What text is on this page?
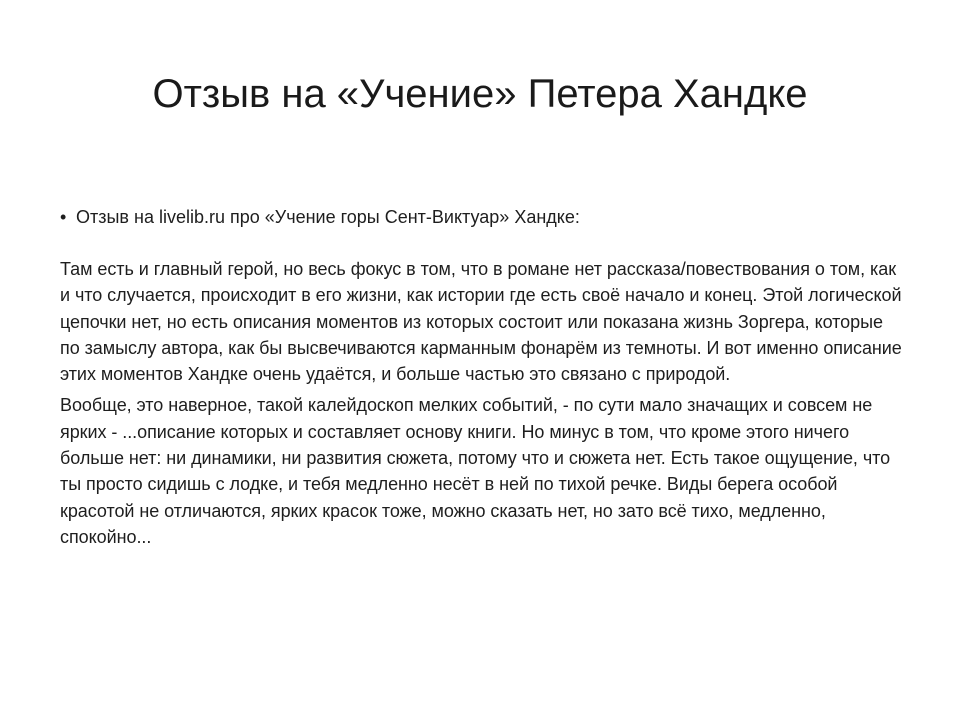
Отзыв на «Учение» Петера Хандке
• Отзыв на livelib.ru про «Учение горы Сент-Виктуар» Хандке:

Там есть и главный герой, но весь фокус в том, что в романе нет рассказа/повествования о том, как и что случается, происходит в его жизни, как истории где есть своё начало и конец. Этой логической цепочки нет, но есть описания моментов из которых состоит или показана жизнь Зоргера, которые по замыслу автора, как бы высвечиваются карманным фонарём из темноты. И вот именно описание этих моментов Хандке очень удаётся, и больше частью это связано с природой.

Вообще, это наверное, такой калейдоскоп мелких событий, - по сути мало значащих и совсем не ярких - ...описание которых и составляет основу книги. Но минус в том, что кроме этого ничего больше нет: ни динамики, ни развития сюжета, потому что и сюжета нет. Есть такое ощущение, что ты просто сидишь с лодке, и тебя медленно несёт в ней по тихой речке. Виды берега особой красотой не отличаются, ярких красок тоже, можно сказать нет, но зато всё тихо, медленно, спокойно...
